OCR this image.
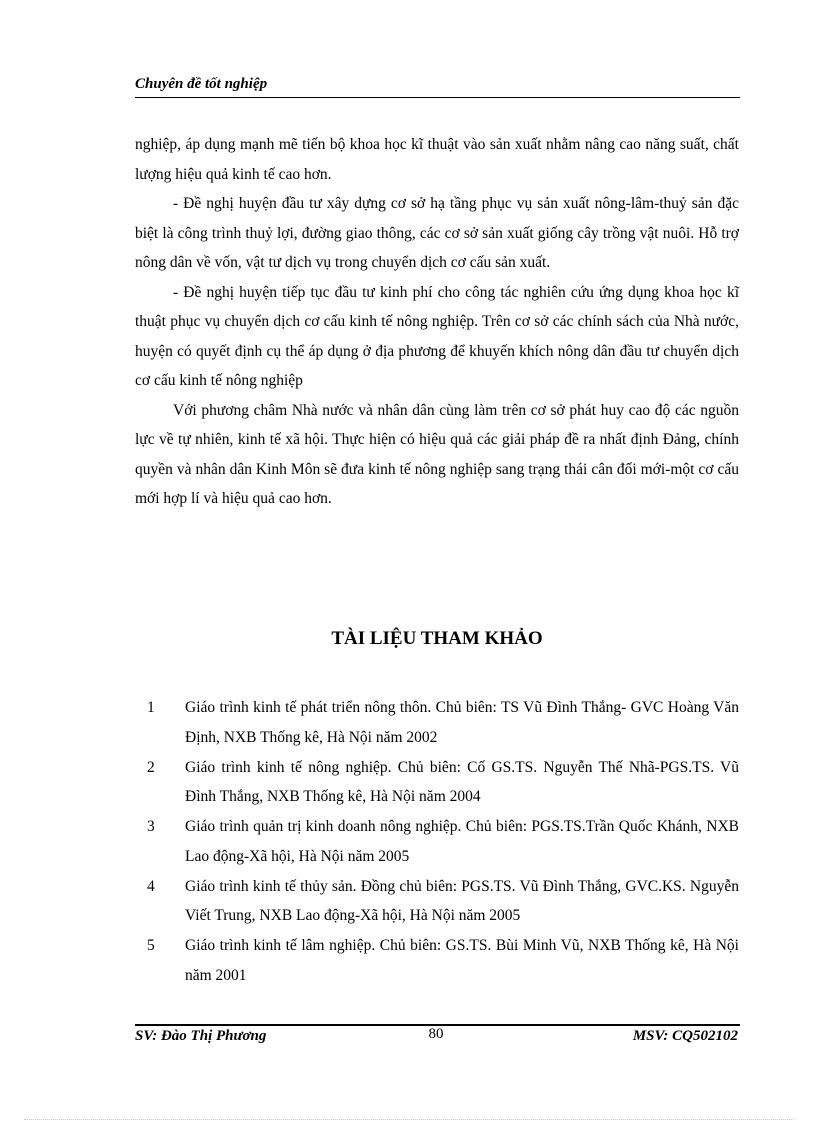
Chuyên đề tốt nghiệp

nghiệp, áp dụng mạnh mẽ tiến bộ khoa học kĩ thuật vào sản xuất nhằm nâng cao năng suất, chất lượng hiệu quả kinh tế cao hơn.

- Đề nghị huyện đầu tư xây dựng cơ sở hạ tầng phục vụ sản xuất nông-lâm-thuỷ sản đặc biệt là công trình thuỷ lợi, đường giao thông, các cơ sở sản xuất giống cây trồng vật nuôi. Hỗ trợ nông dân về vốn, vật tư dịch vụ trong chuyển dịch cơ cấu sản xuất.

- Đề nghị huyện tiếp tục đầu tư kinh phí cho công tác nghiên cứu ứng dụng khoa học kĩ thuật phục vụ chuyển dịch cơ cấu kinh tế nông nghiệp. Trên cơ sở các chính sách của Nhà nước, huyện có quyết định cụ thể áp dụng ở địa phương để khuyến khích nông dân đầu tư chuyển dịch cơ cấu kinh tế nông nghiệp

Với phương châm Nhà nước và nhân dân cùng làm trên cơ sở phát huy cao độ các nguồn lực về tự nhiên, kinh tế xã hội. Thực hiện có hiệu quả các giải pháp đề ra nhất định Đảng, chính quyền và nhân dân Kinh Môn sẽ đưa kinh tế nông nghiệp sang trạng thái cân đối mới-một cơ cấu mới hợp lí và hiệu quả cao hơn.

TÀI LIỆU THAM KHẢO
1	Giáo trình kinh tế phát triển nông thôn. Chủ biên: TS Vũ Đình Thắng- GVC Hoàng Văn Định, NXB Thống kê, Hà Nội năm 2002
2	Giáo trình kinh tế nông nghiệp. Chủ biên: Cố GS.TS. Nguyễn Thế Nhã-PGS.TS. Vũ Đình Thắng, NXB Thống kê, Hà Nội năm 2004
3	Giáo trình quản trị kinh doanh nông nghiệp. Chủ biên: PGS.TS.Trần Quốc Khánh, NXB Lao động-Xã hội, Hà Nội năm 2005
4	Giáo trình kinh tế thủy sản. Đồng chủ biên: PGS.TS. Vũ Đình Thắng, GVC.KS. Nguyễn Viết Trung, NXB Lao động-Xã hội, Hà Nội năm 2005
5	Giáo trình kinh tế lâm nghiệp. Chủ biên: GS.TS. Bùi Minh Vũ, NXB Thống kê, Hà Nội năm 2001
SV: Đào Thị Phương	80	MSV: CQ502102
